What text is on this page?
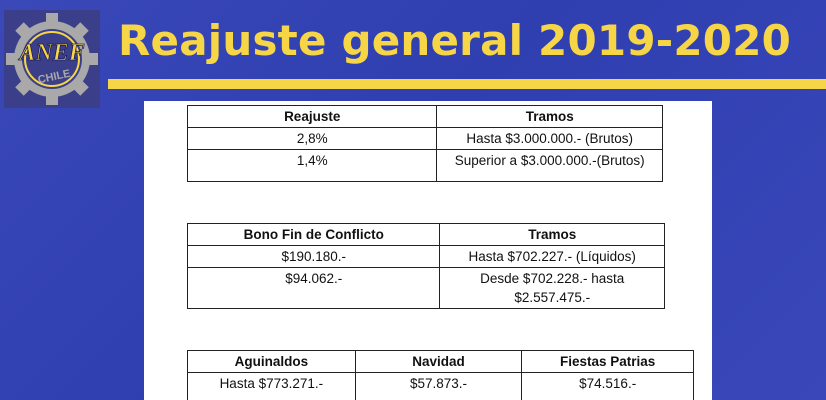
ANEF
CHILE
Reajuste general 2019-2020
Reajuste	Tramos
2,8%	Hasta $3.000.000.- (Brutos)
1,4%	Superior a $3.000.000.-(Brutos)
Bono Fin de Conflicto	Tramos
$190.180.-	Hasta $702.227.- (Líquidos)
$94.062.-	Desde $702.228.- hasta
$2.557.475.-
Aguinaldos	Navidad	Fiestas Patrias
Hasta $773.271.-	$57.873.-	$74.516.-
